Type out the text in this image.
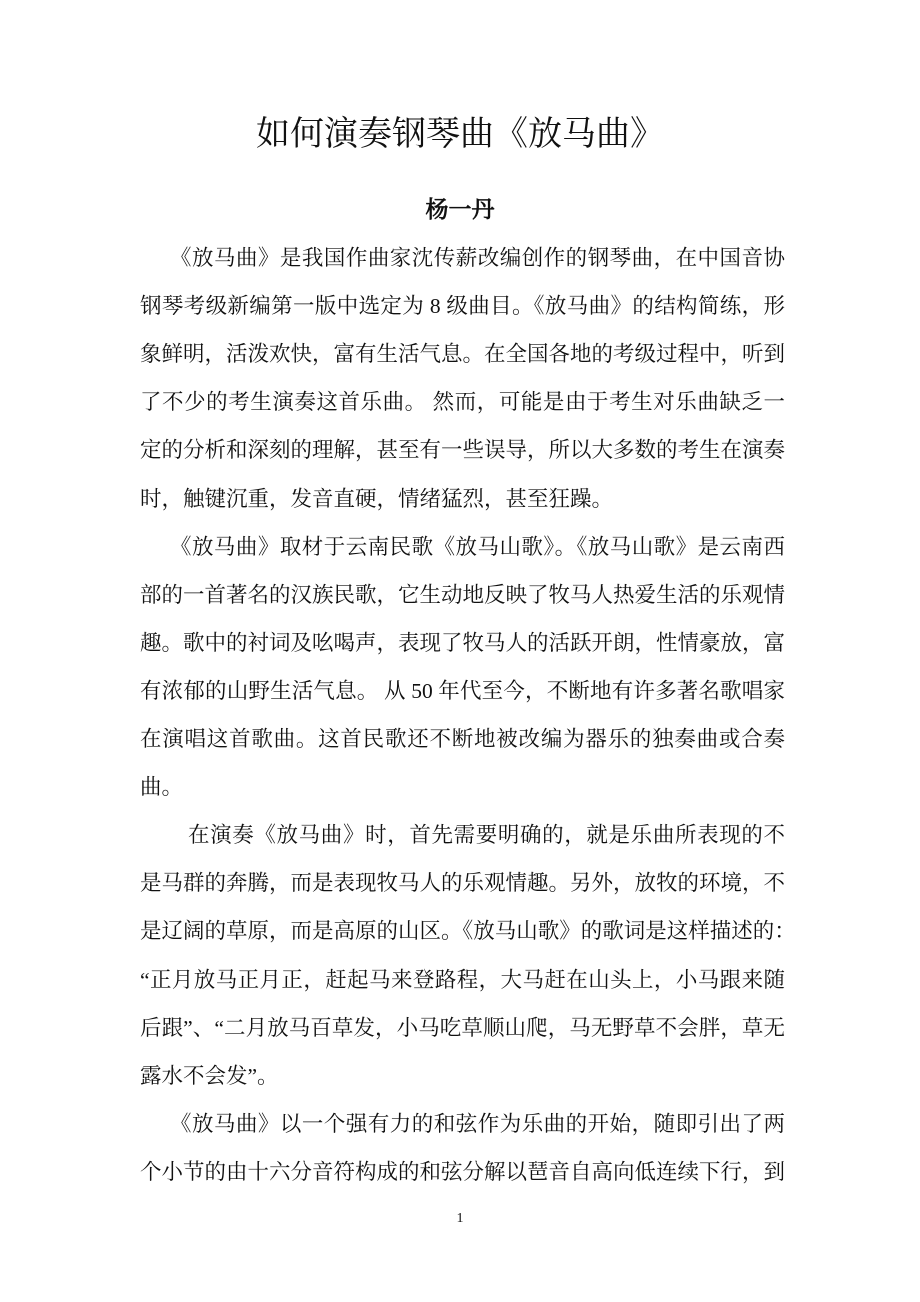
如何演奏钢琴曲《放马曲》
杨一丹
《放马曲》是我国作曲家沈传薪改编创作的钢琴曲，在中国音协
钢琴考级新编第一版中选定为 8 级曲目。《放马曲》的结构简练，形
象鲜明，活泼欢快，富有生活气息。在全国各地的考级过程中，听到
了不少的考生演奏这首乐曲。 然而，可能是由于考生对乐曲缺乏一
定的分析和深刻的理解，甚至有一些误导，所以大多数的考生在演奏
时，触键沉重，发音直硬，情绪猛烈，甚至狂躁。
《放马曲》取材于云南民歌《放马山歌》。《放马山歌》是云南西
部的一首著名的汉族民歌，它生动地反映了牧马人热爱生活的乐观情
趣。歌中的衬词及吆喝声，表现了牧马人的活跃开朗，性情豪放，富
有浓郁的山野生活气息。 从 50 年代至今，不断地有许多著名歌唱家
在演唱这首歌曲。这首民歌还不断地被改编为器乐的独奏曲或合奏
曲。
在演奏《放马曲》时，首先需要明确的，就是乐曲所表现的不
是马群的奔腾，而是表现牧马人的乐观情趣。另外，放牧的环境，不
是辽阔的草原，而是高原的山区。《放马山歌》的歌词是这样描述的：
“正月放马正月正，赶起马来登路程，大马赶在山头上，小马跟来随
后跟”、“二月放马百草发，小马吃草顺山爬，马无野草不会胖，草无
露水不会发”。
《放马曲》以一个强有力的和弦作为乐曲的开始，随即引出了两
个小节的由十六分音符构成的和弦分解以琶音自高向低连续下行，到
1
